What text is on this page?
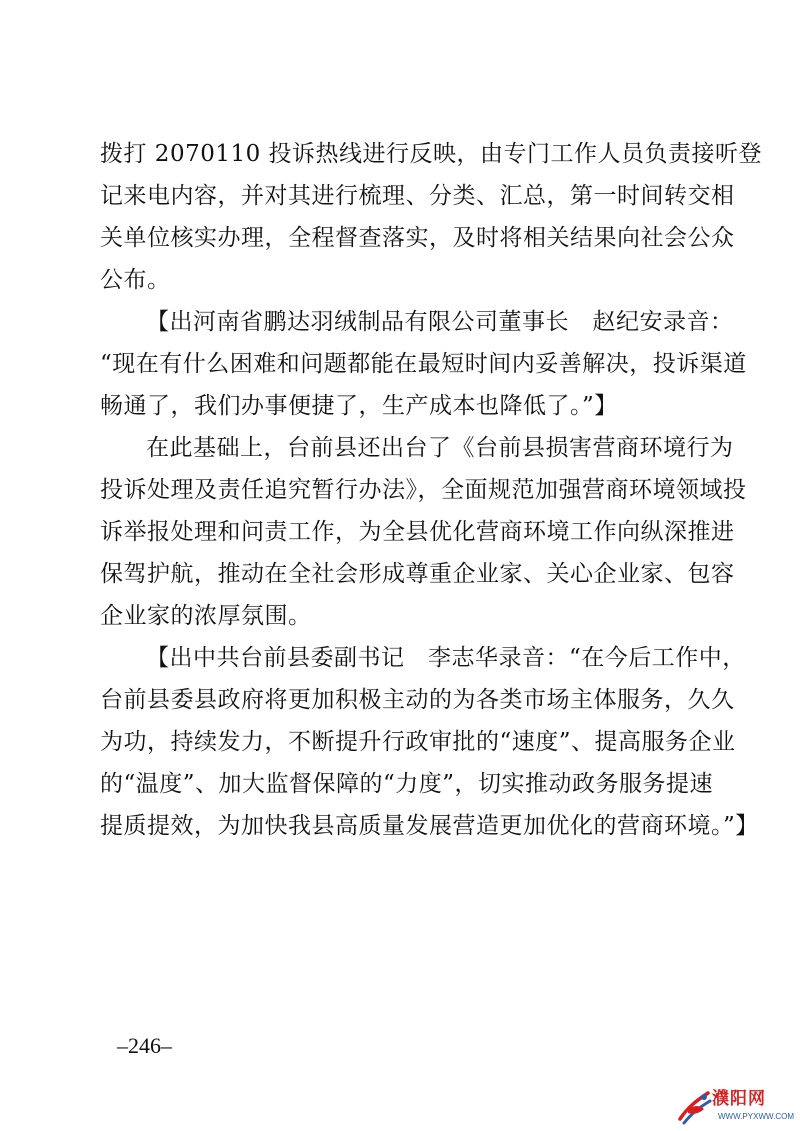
拨打 2070110 投诉热线进行反映，由专门工作人员负责接听登
记来电内容，并对其进行梳理、分类、汇总，第一时间转交相
关单位核实办理，全程督查落实，及时将相关结果向社会公众
公布。
【出河南省鹏达羽绒制品有限公司董事长　赵纪安录音：
“现在有什么困难和问题都能在最短时间内妥善解决，投诉渠道
畅通了，我们办事便捷了，生产成本也降低了。”】
在此基础上，台前县还出台了《台前县损害营商环境行为
投诉处理及责任追究暂行办法》，全面规范加强营商环境领域投
诉举报处理和问责工作，为全县优化营商环境工作向纵深推进
保驾护航，推动在全社会形成尊重企业家、关心企业家、包容
企业家的浓厚氛围。
【出中共台前县委副书记　李志华录音：“在今后工作中，
台前县委县政府将更加积极主动的为各类市场主体服务，久久
为功，持续发力，不断提升行政审批的“速度”、提高服务企业
的“温度”、加大监督保障的“力度”，切实推动政务服务提速
提质提效，为加快我县高质量发展营造更加优化的营商环境。”】
–246–
濮阳网
WWW.PYXWW.COM
